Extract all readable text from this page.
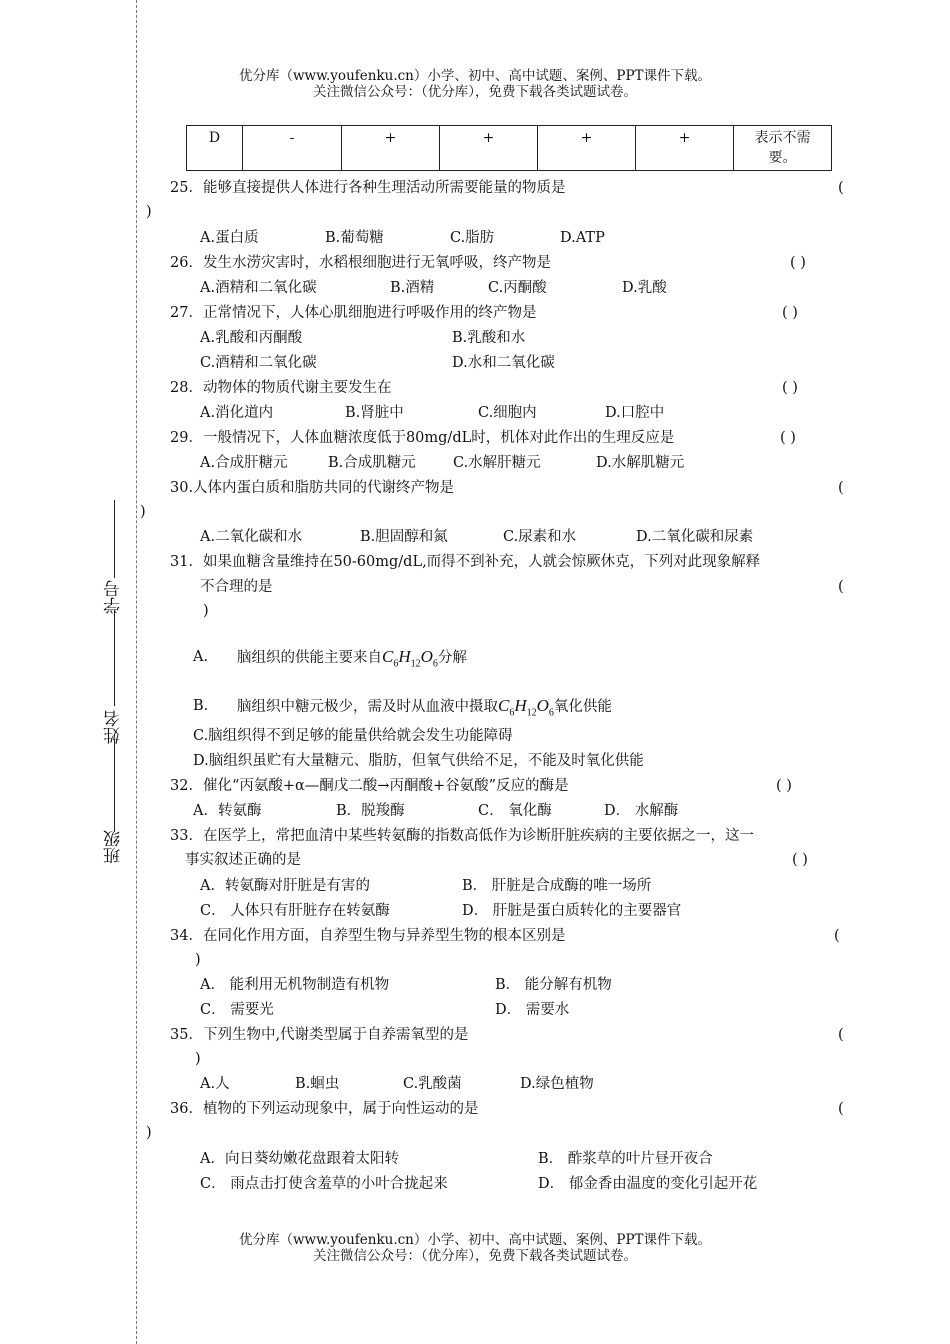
班级
姓名
学号
优分库（www.youfenku.cn）小学、初中、高中试题、案例、PPT课件下载。
关注微信公众号：（优分库），免费下载各类试题试卷。
D	-	+	+	+	+	表示不需要。
25．能够直接提供人体进行各种生理活动所需要能量的物质是	(
)
A.蛋白质	B.葡萄糖	C.脂肪	D.ATP
26．发生水涝灾害时，水稻根细胞进行无氧呼吸，终产物是	( )
A.酒精和二氧化碳	B.酒精	C.丙酮酸	D.乳酸
27．正常情况下，人体心肌细胞进行呼吸作用的终产物是	( )
A.乳酸和丙酮酸	B.乳酸和水
C.酒精和二氧化碳	D.水和二氧化碳
28．动物体的物质代谢主要发生在	( )
A.消化道内	B.肾脏中	C.细胞内	D.口腔中
29．一般情况下，人体血糖浓度低于80mg/dL时，机体对此作出的生理反应是	( )
A.合成肝糖元	B.合成肌糖元	C.水解肝糖元	D.水解肌糖元
30.人体内蛋白质和脂肪共同的代谢终产物是	(
)
A.二氧化碳和水	B.胆固醇和氮	C.尿素和水	D.二氧化碳和尿素
31．如果血糖含量维持在50-60mg/dL,而得不到补充，人就会惊厥休克，下列对此现象解释
不合理的是	(
)
A. 脑组织的供能主要来自$C_6H_{12}O_6$分解
B. 脑组织中糖元极少，需及时从血液中摄取$C_6H_{12}O_6$氧化供能
C.脑组织得不到足够的能量供给就会发生功能障碍
D.脑组织虽贮有大量糖元、脂肪，但氧气供给不足，不能及时氧化供能
32．催化“丙氨酸+α—酮戊二酸→丙酮酸+谷氨酸”反应的酶是	( )
A．转氨酶	B．脱羧酶	C． 氧化酶	D． 水解酶
33．在医学上，常把血清中某些转氨酶的指数高低作为诊断肝脏疾病的主要依据之一，这一
事实叙述正确的是	( )
A．转氨酶对肝脏是有害的	B． 肝脏是合成酶的唯一场所
C． 人体只有肝脏存在转氨酶	D． 肝脏是蛋白质转化的主要器官
34．在同化作用方面，自养型生物与异养型生物的根本区别是	(
)
A． 能利用无机物制造有机物	B． 能分解有机物
C． 需要光	D． 需要水
35．下列生物中,代谢类型属于自养需氧型的是	(
)
A.人	B.蛔虫	C.乳酸菌	D.绿色植物
36．植物的下列运动现象中，属于向性运动的是	(
)
A．向日葵幼嫩花盘跟着太阳转	B． 酢浆草的叶片昼开夜合
C． 雨点击打使含羞草的小叶合拢起来	D． 郁金香由温度的变化引起开花
优分库（www.youfenku.cn）小学、初中、高中试题、案例、PPT课件下载。
关注微信公众号：（优分库），免费下载各类试题试卷。
